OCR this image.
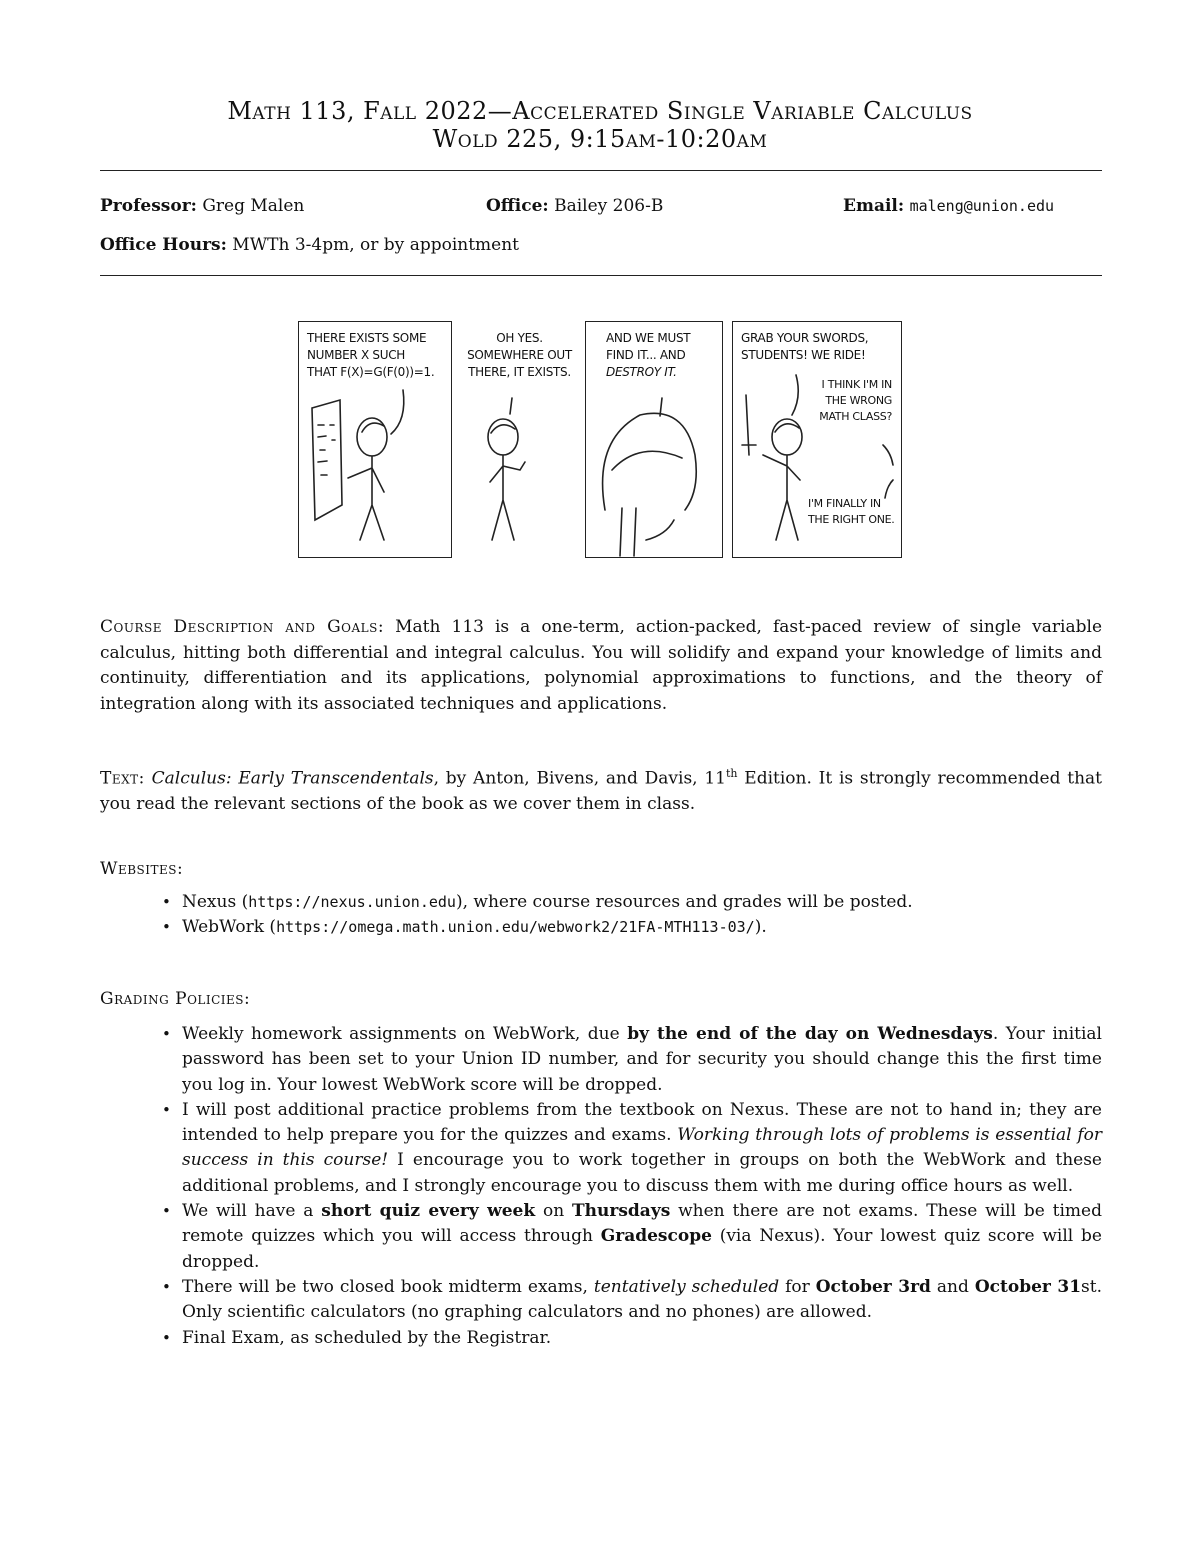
Math 113, Fall 2022—Accelerated Single Variable Calculus
Wold 225, 9:15am-10:20am
Professor: Greg Malen	Office: Bailey 206-B	Email: maleng@union.edu
Office Hours: MWTh 3-4pm, or by appointment
THERE EXISTS SOME
NUMBER X SUCH
THAT F(X)=G(F(0))=1.
OH YES.
SOMEWHERE OUT
THERE, IT EXISTS.
AND WE MUST
FIND IT... AND
DESTROY IT.
GRAB YOUR SWORDS,
STUDENTS! WE RIDE!
I THINK I'M IN
THE WRONG
MATH CLASS?
I'M FINALLY IN
THE RIGHT ONE.
Course Description and Goals: Math 113 is a one-term, action-packed, fast-paced review of single variable calculus, hitting both differential and integral calculus. You will solidify and expand your knowledge of limits and continuity, differentiation and its applications, polynomial approximations to functions, and the theory of integration along with its associated techniques and applications.
Text: Calculus: Early Transcendentals, by Anton, Bivens, and Davis, 11th Edition. It is strongly recommended that you read the relevant sections of the book as we cover them in class.
Websites:
• Nexus (https://nexus.union.edu), where course resources and grades will be posted.
• WebWork (https://omega.math.union.edu/webwork2/21FA-MTH113-03/).
Grading Policies:
• Weekly homework assignments on WebWork, due by the end of the day on Wednesdays. Your initial password has been set to your Union ID number, and for security you should change this the first time you log in. Your lowest WebWork score will be dropped.
• I will post additional practice problems from the textbook on Nexus. These are not to hand in; they are intended to help prepare you for the quizzes and exams. Working through lots of problems is essential for success in this course! I encourage you to work together in groups on both the WebWork and these additional problems, and I strongly encourage you to discuss them with me during office hours as well.
• We will have a short quiz every week on Thursdays when there are not exams. These will be timed remote quizzes which you will access through Gradescope (via Nexus). Your lowest quiz score will be dropped.
• There will be two closed book midterm exams, tentatively scheduled for October 3rd and October 31st. Only scientific calculators (no graphing calculators and no phones) are allowed.
• Final Exam, as scheduled by the Registrar.
